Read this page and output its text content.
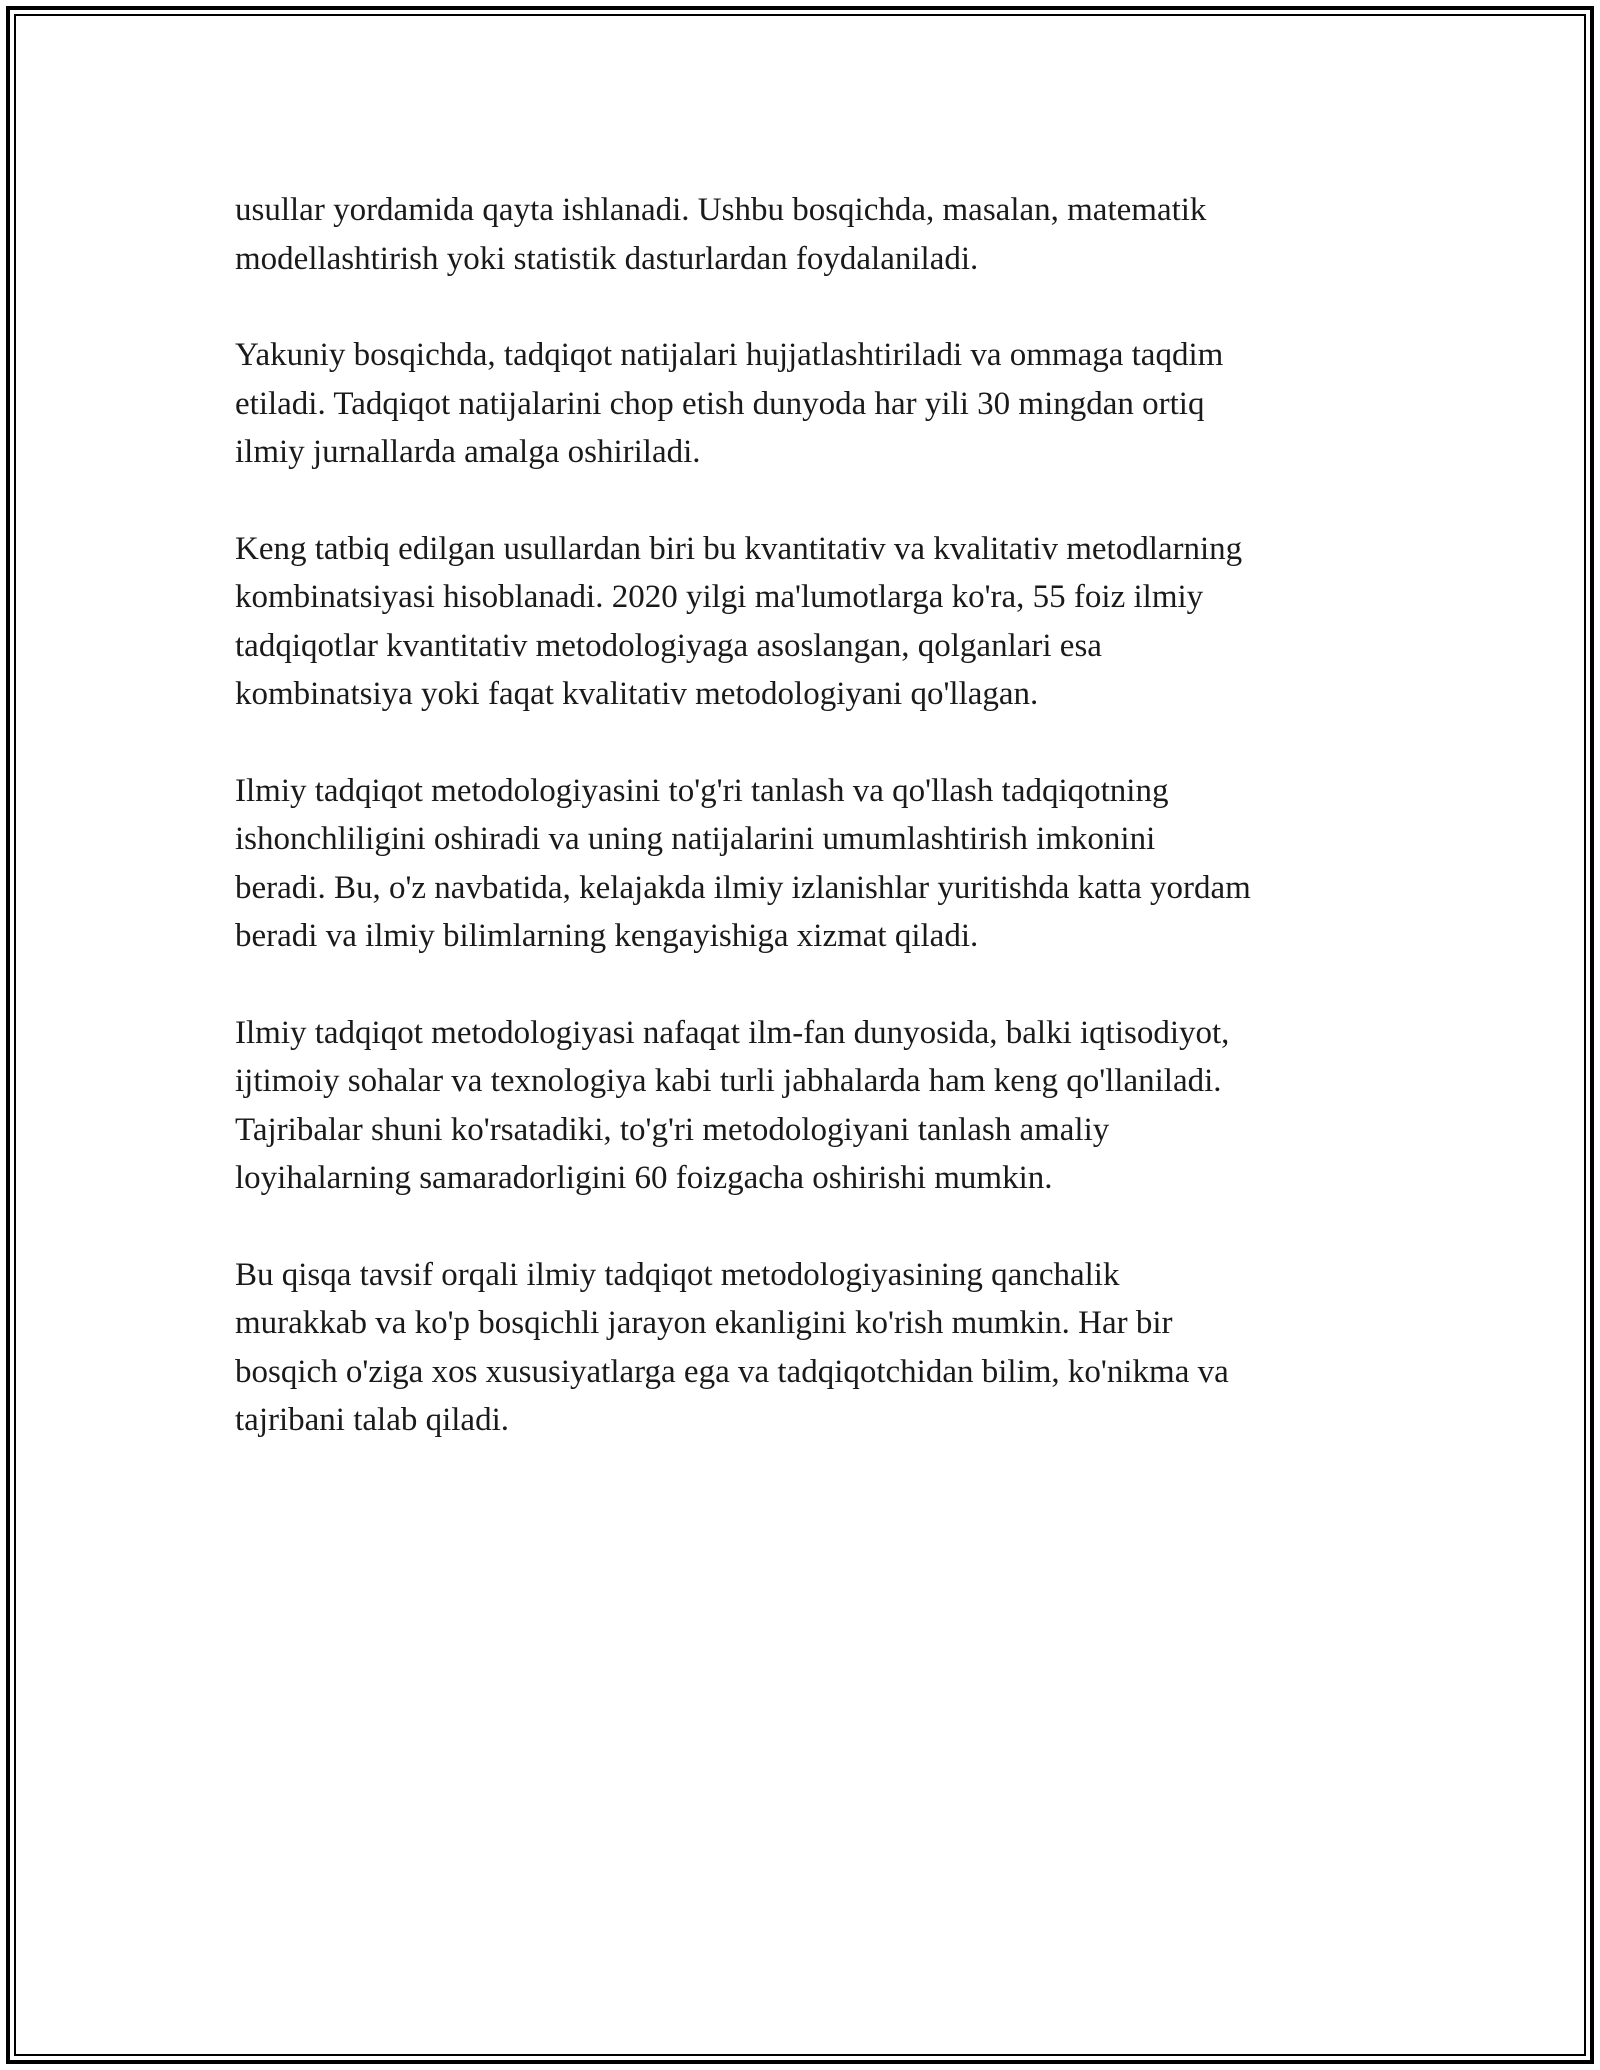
usullar yordamida qayta ishlanadi. Ushbu bosqichda, masalan, matematik
modellashtirish yoki statistik dasturlardan foydalaniladi.

Yakuniy bosqichda, tadqiqot natijalari hujjatlashtiriladi va ommaga taqdim
etiladi. Tadqiqot natijalarini chop etish dunyoda har yili 30 mingdan ortiq
ilmiy jurnallarda amalga oshiriladi.

Keng tatbiq edilgan usullardan biri bu kvantitativ va kvalitativ metodlarning
kombinatsiyasi hisoblanadi. 2020 yilgi ma'lumotlarga ko'ra, 55 foiz ilmiy
tadqiqotlar kvantitativ metodologiyaga asoslangan, qolganlari esa
kombinatsiya yoki faqat kvalitativ metodologiyani qo'llagan.

Ilmiy tadqiqot metodologiyasini to'g'ri tanlash va qo'llash tadqiqotning
ishonchliligini oshiradi va uning natijalarini umumlashtirish imkonini
beradi. Bu, o'z navbatida, kelajakda ilmiy izlanishlar yuritishda katta yordam
beradi va ilmiy bilimlarning kengayishiga xizmat qiladi.

Ilmiy tadqiqot metodologiyasi nafaqat ilm-fan dunyosida, balki iqtisodiyot,
ijtimoiy sohalar va texnologiya kabi turli jabhalarda ham keng qo'llaniladi.
Tajribalar shuni ko'rsatadiki, to'g'ri metodologiyani tanlash amaliy
loyihalarning samaradorligini 60 foizgacha oshirishi mumkin.

Bu qisqa tavsif orqali ilmiy tadqiqot metodologiyasining qanchalik
murakkab va ko'p bosqichli jarayon ekanligini ko'rish mumkin. Har bir
bosqich o'ziga xos xususiyatlarga ega va tadqiqotchidan bilim, ko'nikma va
tajribani talab qiladi.
